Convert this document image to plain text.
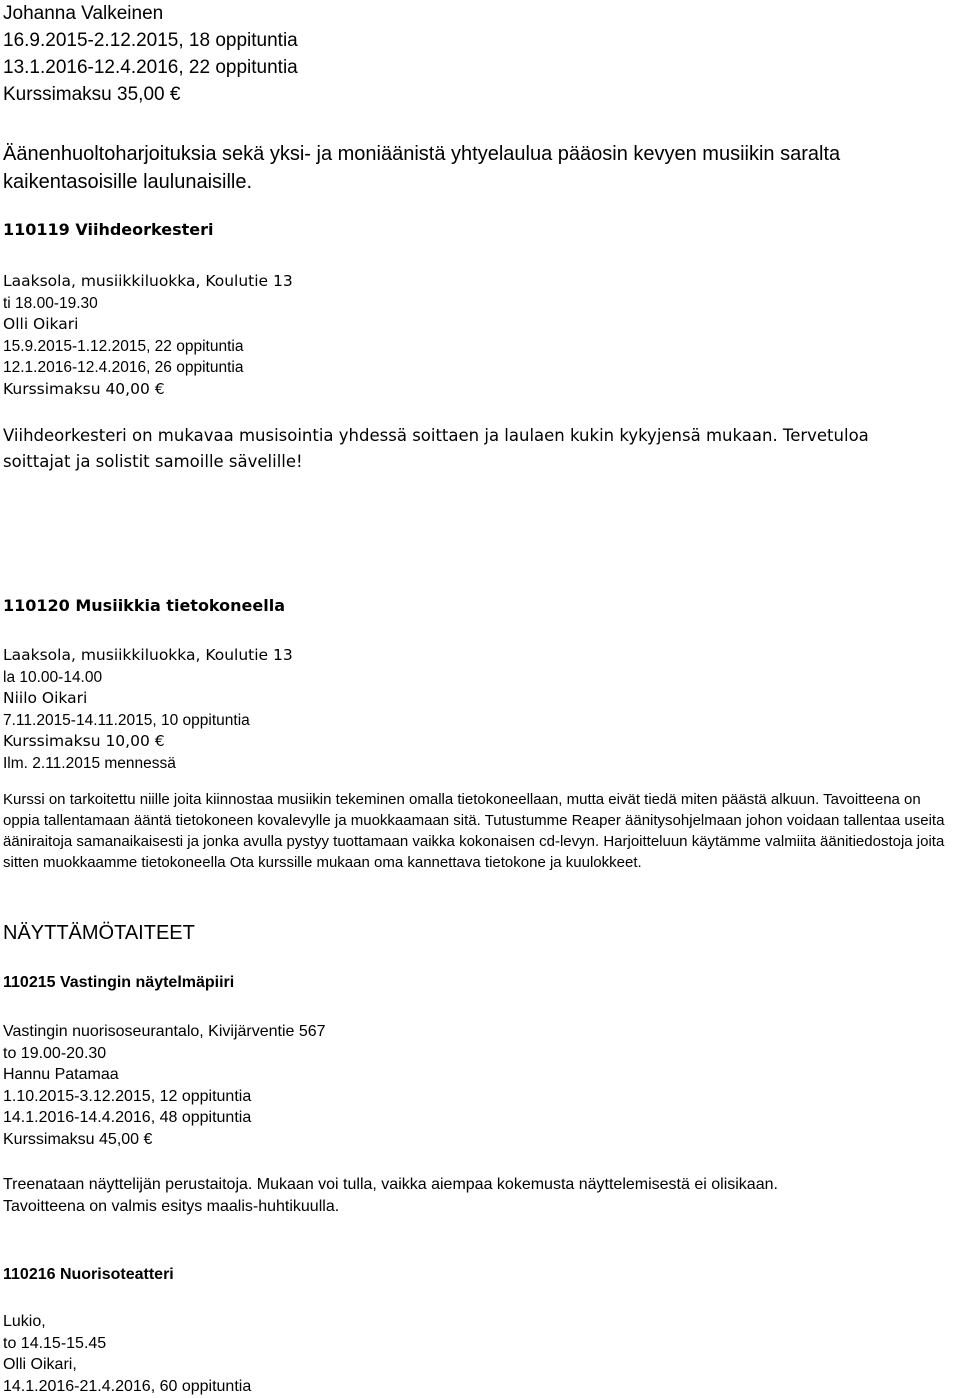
Johanna Valkeinen
16.9.2015-2.12.2015, 18 oppituntia
13.1.2016-12.4.2016, 22 oppituntia
Kurssimaksu 35,00 €
Äänenhuoltoharjoituksia sekä yksi- ja moniäänistä yhtyelaulua pääosin kevyen musiikin saralta
kaikentasoisille laulunaisille.
110119 Viihdeorkesteri
Laaksola, musiikkiluokka, Koulutie 13
ti 18.00-19.30
Olli Oikari
15.9.2015-1.12.2015, 22 oppituntia
12.1.2016-12.4.2016, 26 oppituntia
Kurssimaksu 40,00 €
Viihdeorkesteri on mukavaa musisointia yhdessä soittaen ja laulaen kukin kykyjensä mukaan. Tervetuloa
soittajat ja solistit samoille sävelille!
110120 Musiikkia tietokoneella
Laaksola, musiikkiluokka, Koulutie 13
la 10.00-14.00
Niilo Oikari
7.11.2015-14.11.2015, 10 oppituntia
Kurssimaksu 10,00 €
Ilm. 2.11.2015 mennessä
Kurssi on tarkoitettu niille joita kiinnostaa musiikin tekeminen omalla tietokoneellaan, mutta eivät tiedä miten päästä alkuun. Tavoitteena on oppia tallentamaan ääntä tietokoneen kovalevylle ja muokkaamaan sitä. Tutustumme Reaper äänitysohjelmaan johon voidaan tallentaa useita ääniraitoja samanaikaisesti ja jonka avulla pystyy tuottamaan vaikka kokonaisen cd-levyn. Harjoitteluun käytämme valmiita äänitiedostoja joita sitten muokkaamme tietokoneella Ota kurssille mukaan oma kannettava tietokone ja kuulokkeet.
NÄYTTÄMÖTAITEET
110215 Vastingin näytelmäpiiri
Vastingin nuorisoseurantalo, Kivijärventie 567
to 19.00-20.30
Hannu Patamaa
1.10.2015-3.12.2015, 12 oppituntia
14.1.2016-14.4.2016, 48 oppituntia
Kurssimaksu 45,00 €
Treenataan näyttelijän perustaitoja. Mukaan voi tulla, vaikka aiempaa kokemusta näyttelemisestä ei olisikaan.
Tavoitteena on valmis esitys maalis-huhtikuulla.
110216 Nuorisoteatteri
Lukio,
to 14.15-15.45
Olli Oikari,
14.1.2016-21.4.2016, 60 oppituntia
